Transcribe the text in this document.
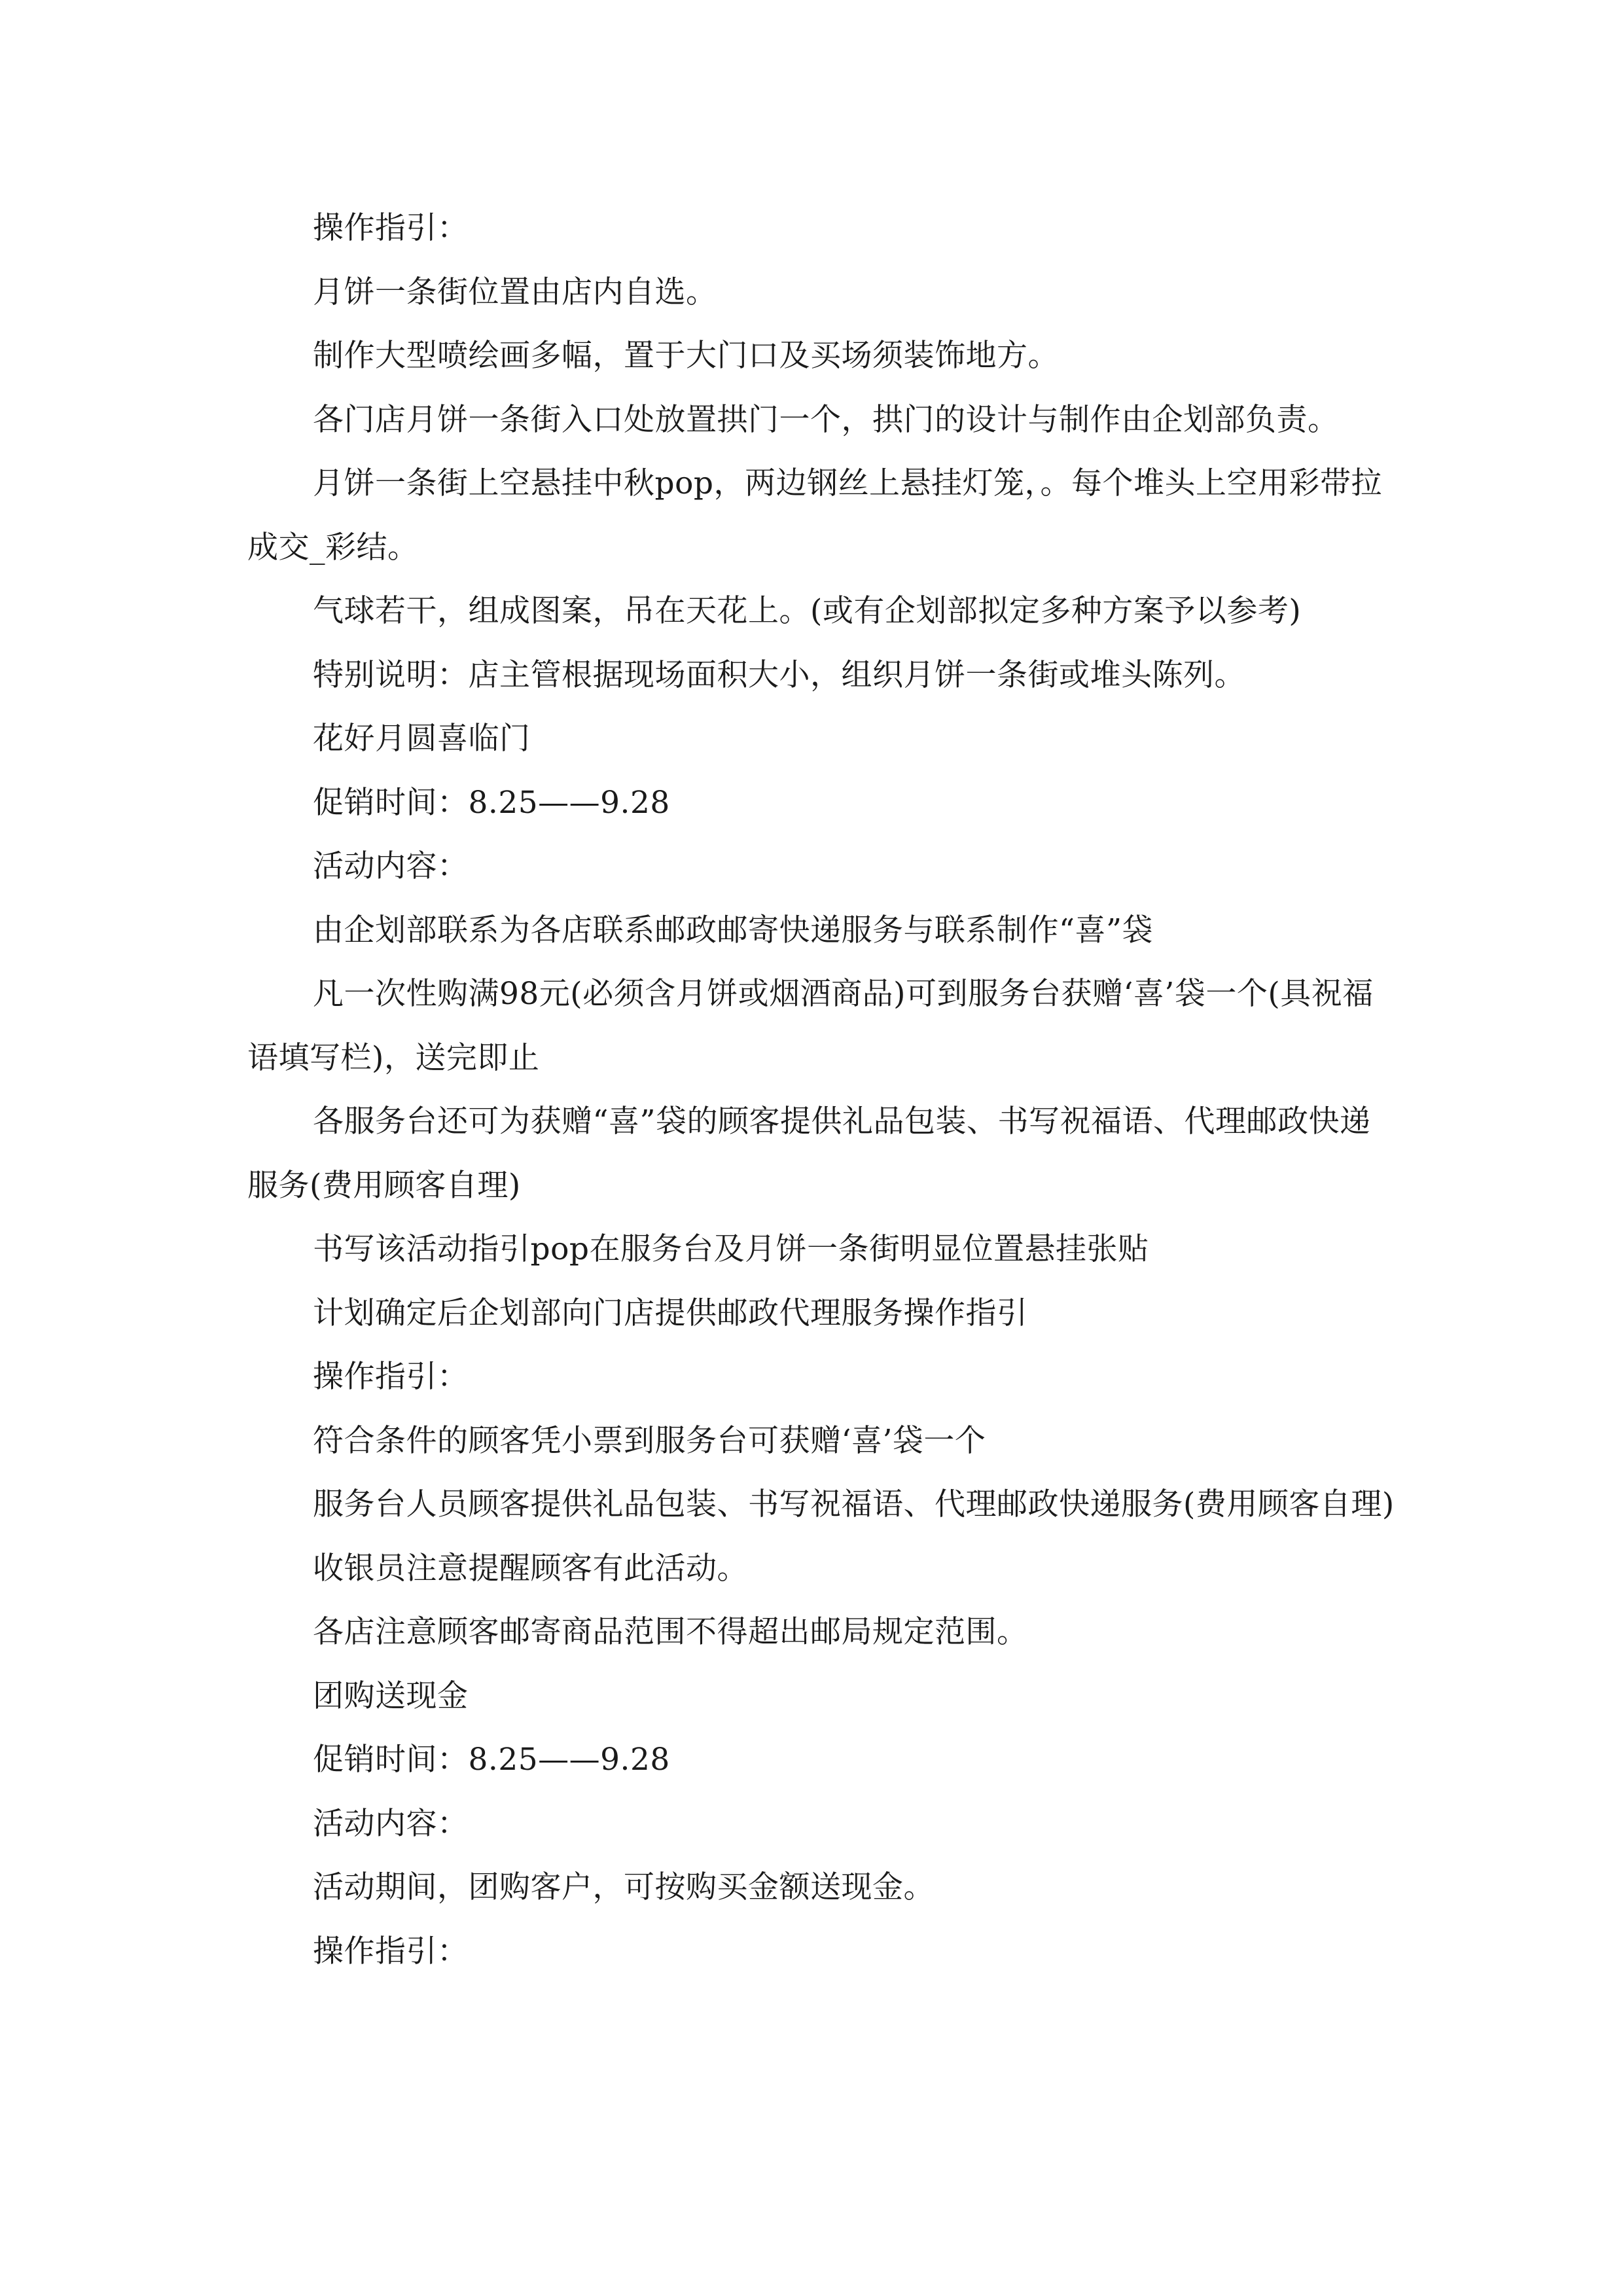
操作指引：

月饼一条街位置由店内自选。

制作大型喷绘画多幅，置于大门口及买场须装饰地方。

各门店月饼一条街入口处放置拱门一个，拱门的设计与制作由企划部负责。

月饼一条街上空悬挂中秋pop，两边钢丝上悬挂灯笼，。每个堆头上空用彩带拉成交_彩结。

气球若干，组成图案，吊在天花上。(或有企划部拟定多种方案予以参考)

特别说明：店主管根据现场面积大小，组织月饼一条街或堆头陈列。

花好月圆喜临门

促销时间：8.25——9.28

活动内容：

由企划部联系为各店联系邮政邮寄快递服务与联系制作“喜”袋

凡一次性购满98元(必须含月饼或烟酒商品)可到服务台获赠‘喜’袋一个(具祝福语填写栏)，送完即止

各服务台还可为获赠“喜”袋的顾客提供礼品包装、书写祝福语、代理邮政快递服务(费用顾客自理)

书写该活动指引pop在服务台及月饼一条街明显位置悬挂张贴

计划确定后企划部向门店提供邮政代理服务操作指引

操作指引：

符合条件的顾客凭小票到服务台可获赠‘喜’袋一个

服务台人员顾客提供礼品包装、书写祝福语、代理邮政快递服务(费用顾客自理)

收银员注意提醒顾客有此活动。

各店注意顾客邮寄商品范围不得超出邮局规定范围。

团购送现金

促销时间：8.25——9.28

活动内容：

活动期间，团购客户，可按购买金额送现金。

操作指引：
